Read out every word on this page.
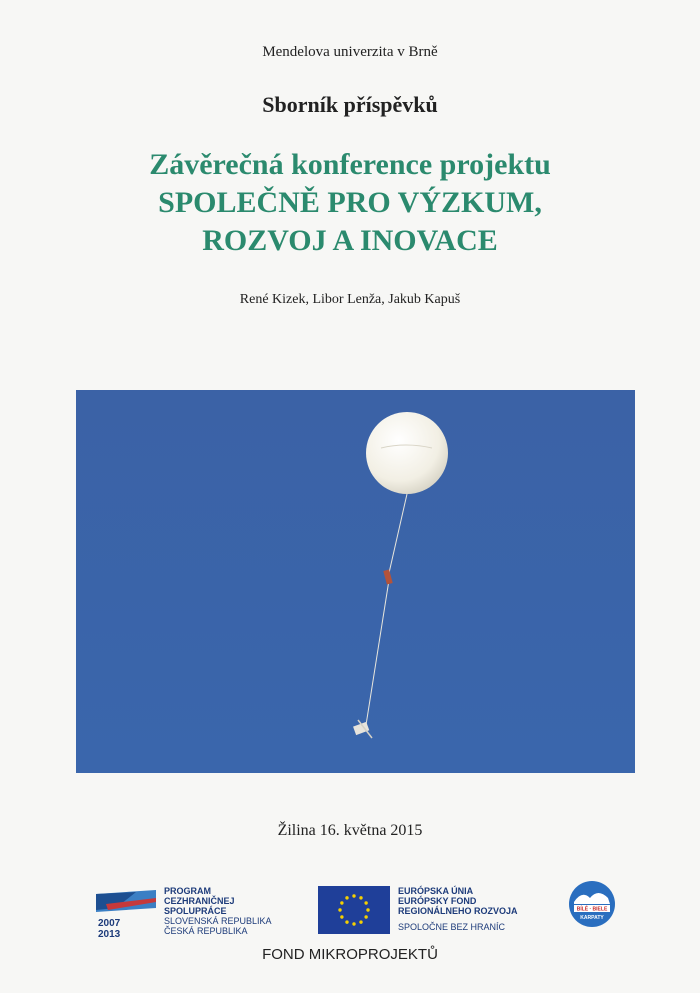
Mendelova univerzita v Brně
Sborník příspěvků
Závěrečná konference projektu
SPOLEČNĚ PRO VÝZKUM,
ROZVOJ A INOVACE
René Kizek, Libor Lenža, Jakub Kapuš
Žilina 16. května 2015
2007
2013
PROGRAM
CEZHRANIČNEJ
SPOLUPRÁCE
SLOVENSKÁ REPUBLIKA
ČESKÁ REPUBLIKA
EURÓPSKA ÚNIA
EURÓPSKY FOND
REGIONÁLNEHO ROZVOJA
SPOLOČNE BEZ HRANÍC
BÍLÉ · BIELE
KARPATY
FOND MIKROPROJEKTŮ
